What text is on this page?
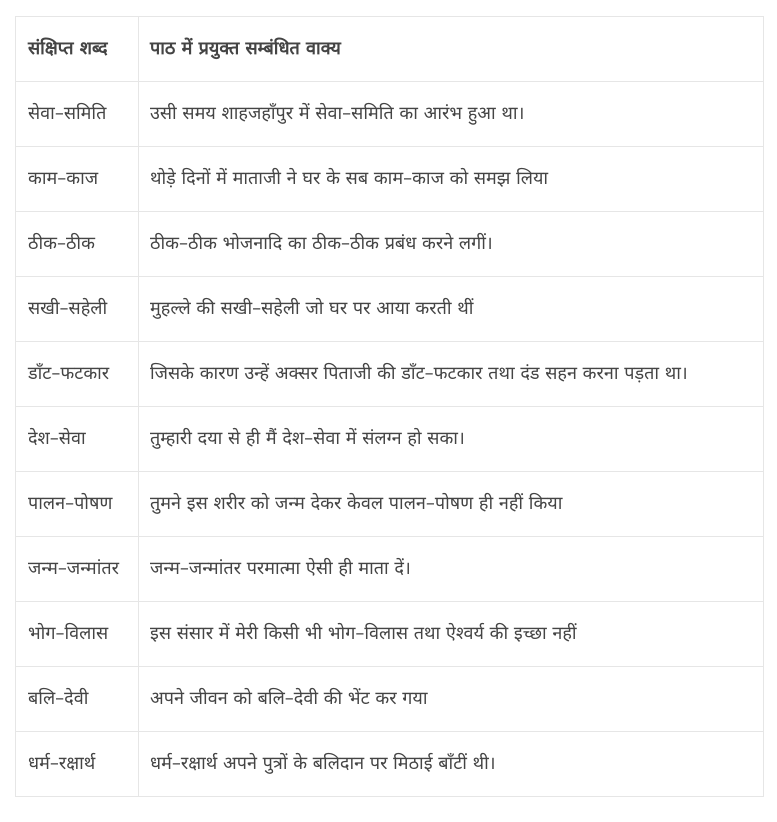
संक्षिप्त शब्द	पाठ में प्रयुक्त सम्बंधित वाक्य
सेवा–समिति	उसी समय शाहजहाँपुर में सेवा–समिति का आरंभ हुआ था।
काम–काज	थोड़े दिनों में माताजी ने घर के सब काम–काज को समझ लिया
ठीक–ठीक	ठीक–ठीक भोजनादि का ठीक–ठीक प्रबंध करने लगीं।
सखी–सहेली	मुहल्ले की सखी–सहेली जो घर पर आया करती थीं
डाँट–फटकार	जिसके कारण उन्हें अक्सर पिताजी की डाँट–फटकार तथा दंड सहन करना पड़ता था।
देश–सेवा	तुम्हारी दया से ही मैं देश–सेवा में संलग्न हो सका।
पालन–पोषण	तुमने इस शरीर को जन्म देकर केवल पालन–पोषण ही नहीं किया
जन्म–जन्मांतर	जन्म–जन्मांतर परमात्मा ऐसी ही माता दें।
भोग–विलास	इस संसार में मेरी किसी भी भोग–विलास तथा ऐश्वर्य की इच्छा नहीं
बलि–देवी	अपने जीवन को बलि–देवी की भेंट कर गया
धर्म–रक्षार्थ	धर्म–रक्षार्थ अपने पुत्रों के बलिदान पर मिठाई बाँटीं थी।
